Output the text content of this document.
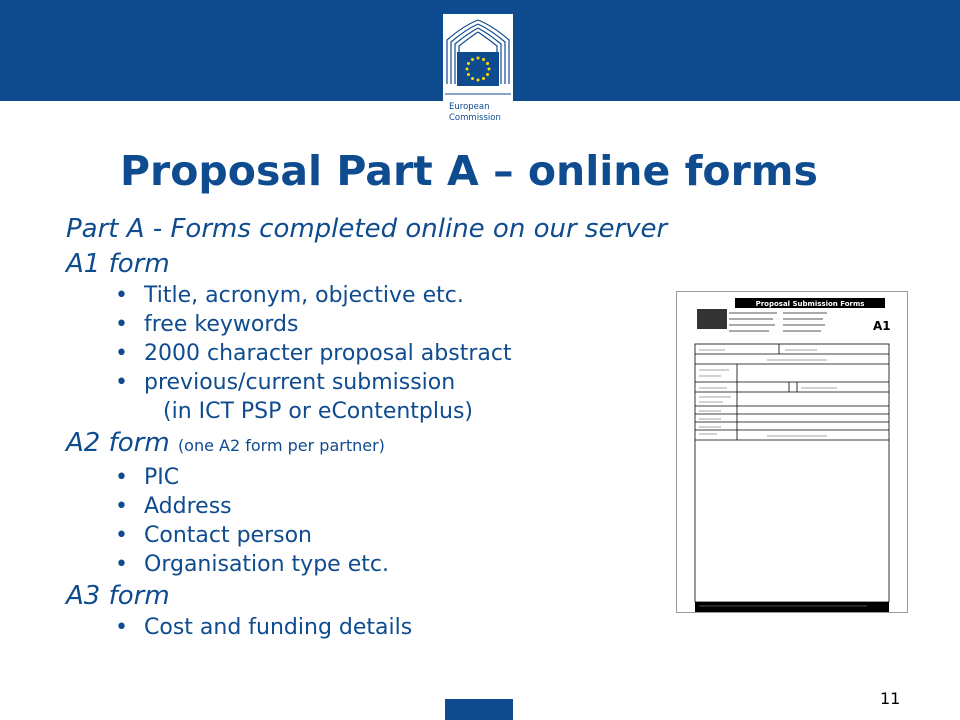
European
Commission
Proposal Part A – online forms
Part A - Forms completed online on our server
A1 form
• Title, acronym, objective etc.
• free keywords
• 2000 character proposal abstract
• previous/current submission
(in ICT PSP or eContentplus)
A2 form (one A2 form per partner)
• PIC
• Address
• Contact person
• Organisation type etc.
A3 form
• Cost and funding details
Proposal Submission Forms
A1
11
